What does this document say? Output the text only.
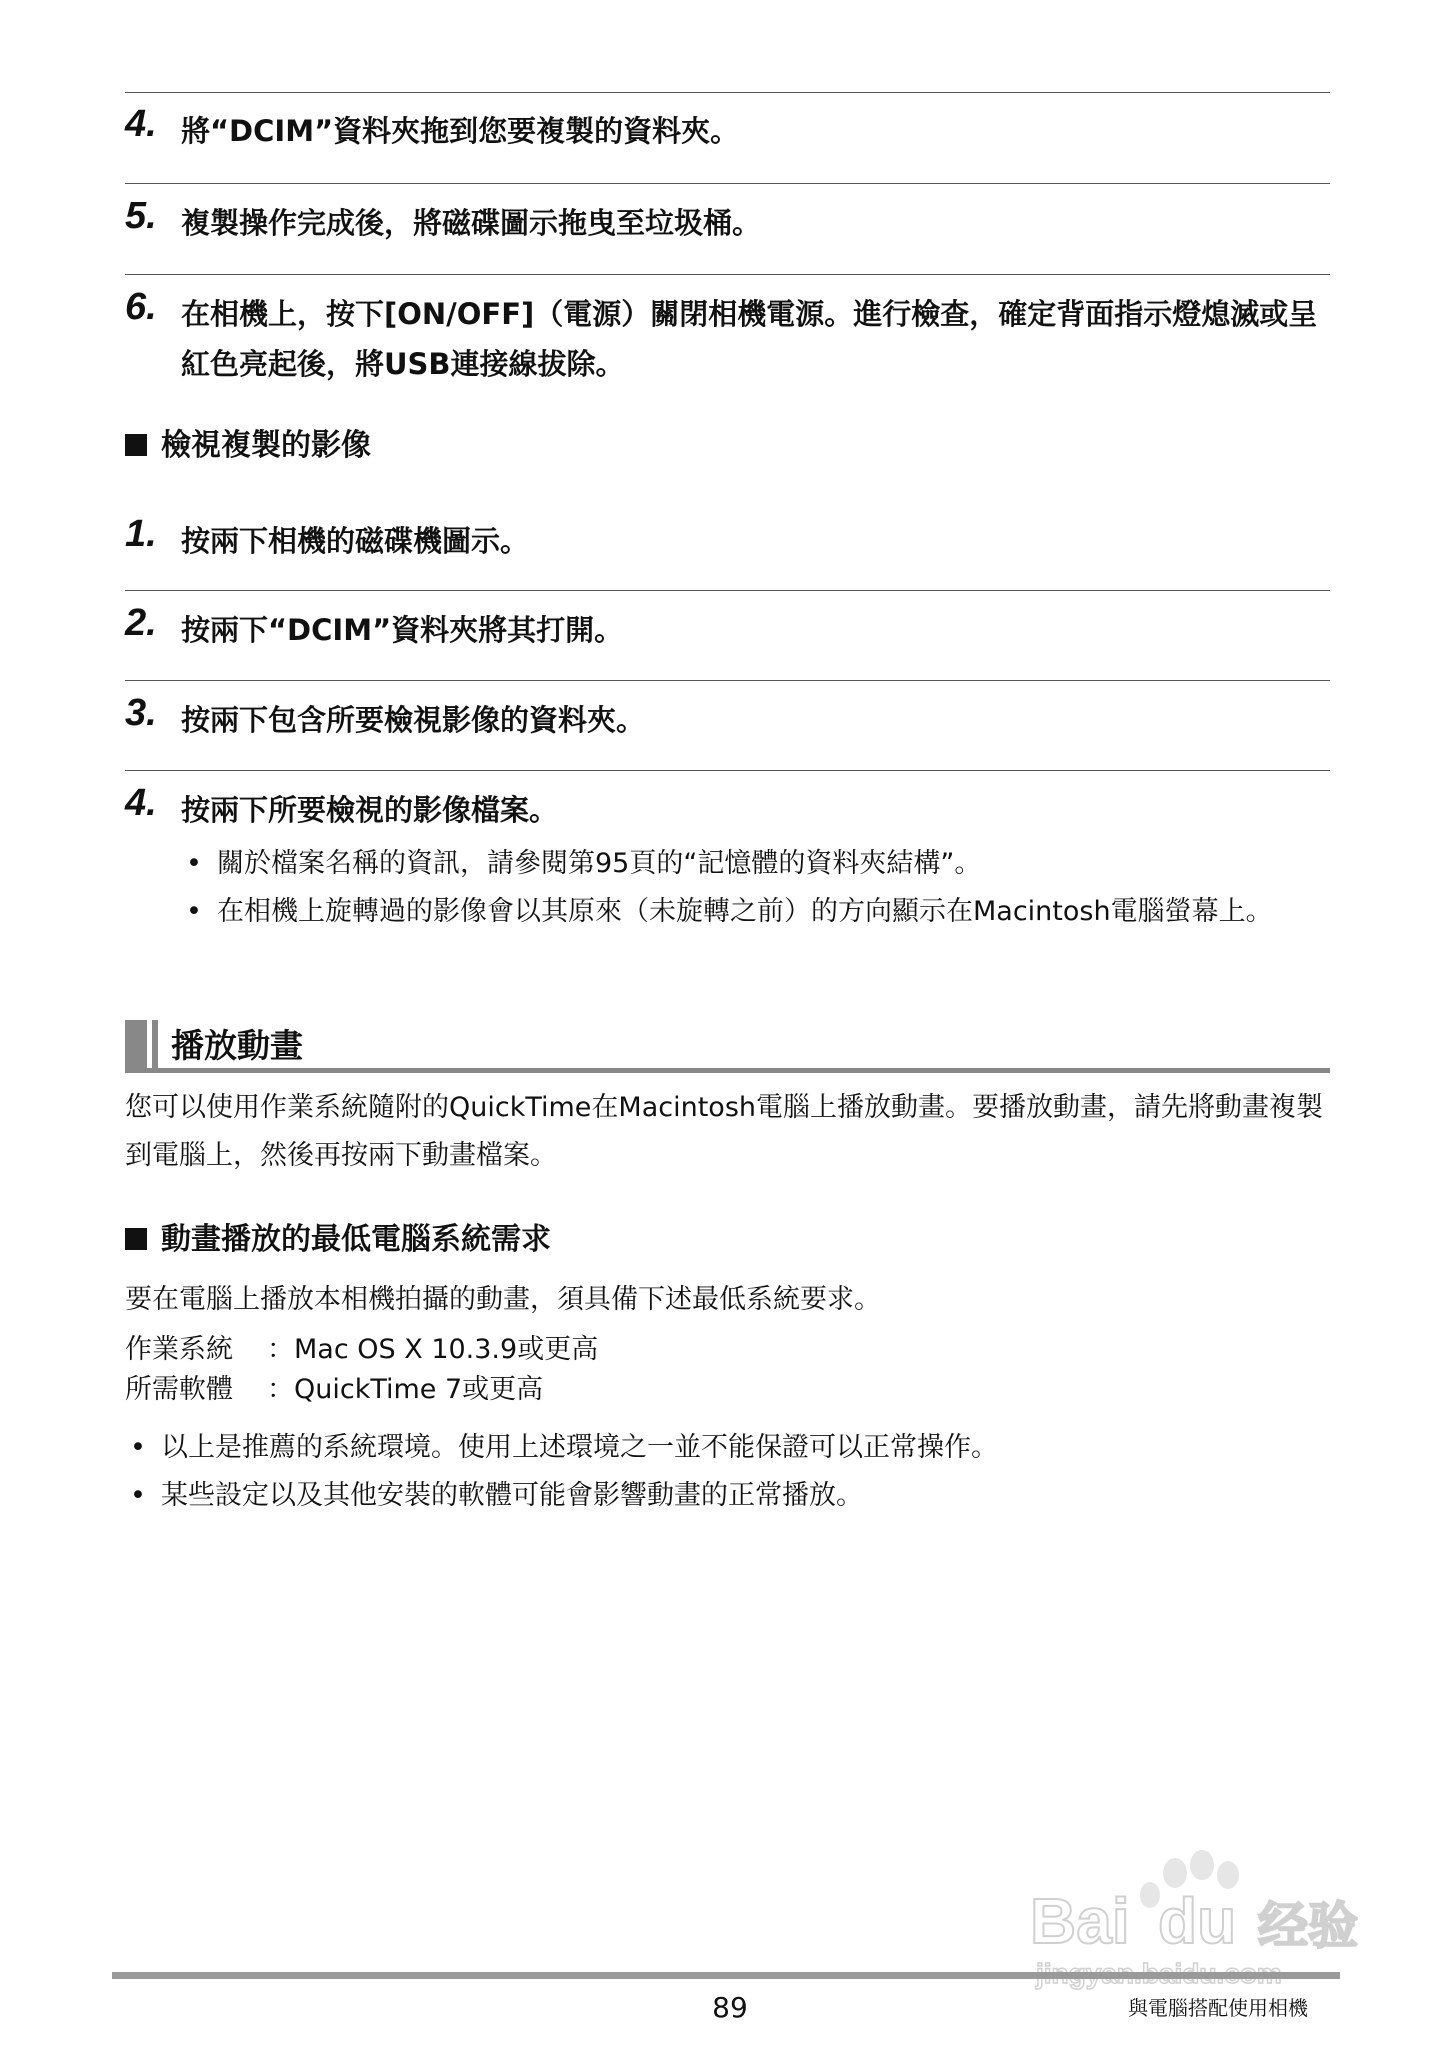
4. 將“DCIM”資料夾拖到您要複製的資料夾。
5. 複製操作完成後，將磁碟圖示拖曳至垃圾桶。
6. 在相機上，按下[ON/OFF]（電源）關閉相機電源。進行檢查，確定背面指示燈熄滅或呈紅色亮起後，將USB連接線拔除。
檢視複製的影像
1. 按兩下相機的磁碟機圖示。
2. 按兩下“DCIM”資料夾將其打開。
3. 按兩下包含所要檢視影像的資料夾。
4. 按兩下所要檢視的影像檔案。
• 關於檔案名稱的資訊，請參閱第95頁的“記憶體的資料夾結構”。
• 在相機上旋轉過的影像會以其原來（未旋轉之前）的方向顯示在Macintosh電腦螢幕上。
播放動畫
您可以使用作業系統隨附的QuickTime在Macintosh電腦上播放動畫。要播放動畫，請先將動畫複製到電腦上，然後再按兩下動畫檔案。
動畫播放的最低電腦系統需求
要在電腦上播放本相機拍攝的動畫，須具備下述最低系統要求。
作業系統 ：Mac OS X 10.3.9或更高
所需軟體 ：QuickTime 7或更高
• 以上是推薦的系統環境。使用上述環境之一並不能保證可以正常操作。
• 某些設定以及其他安裝的軟體可能會影響動畫的正常播放。
Bai du 经验
89	與電腦搭配使用相機
